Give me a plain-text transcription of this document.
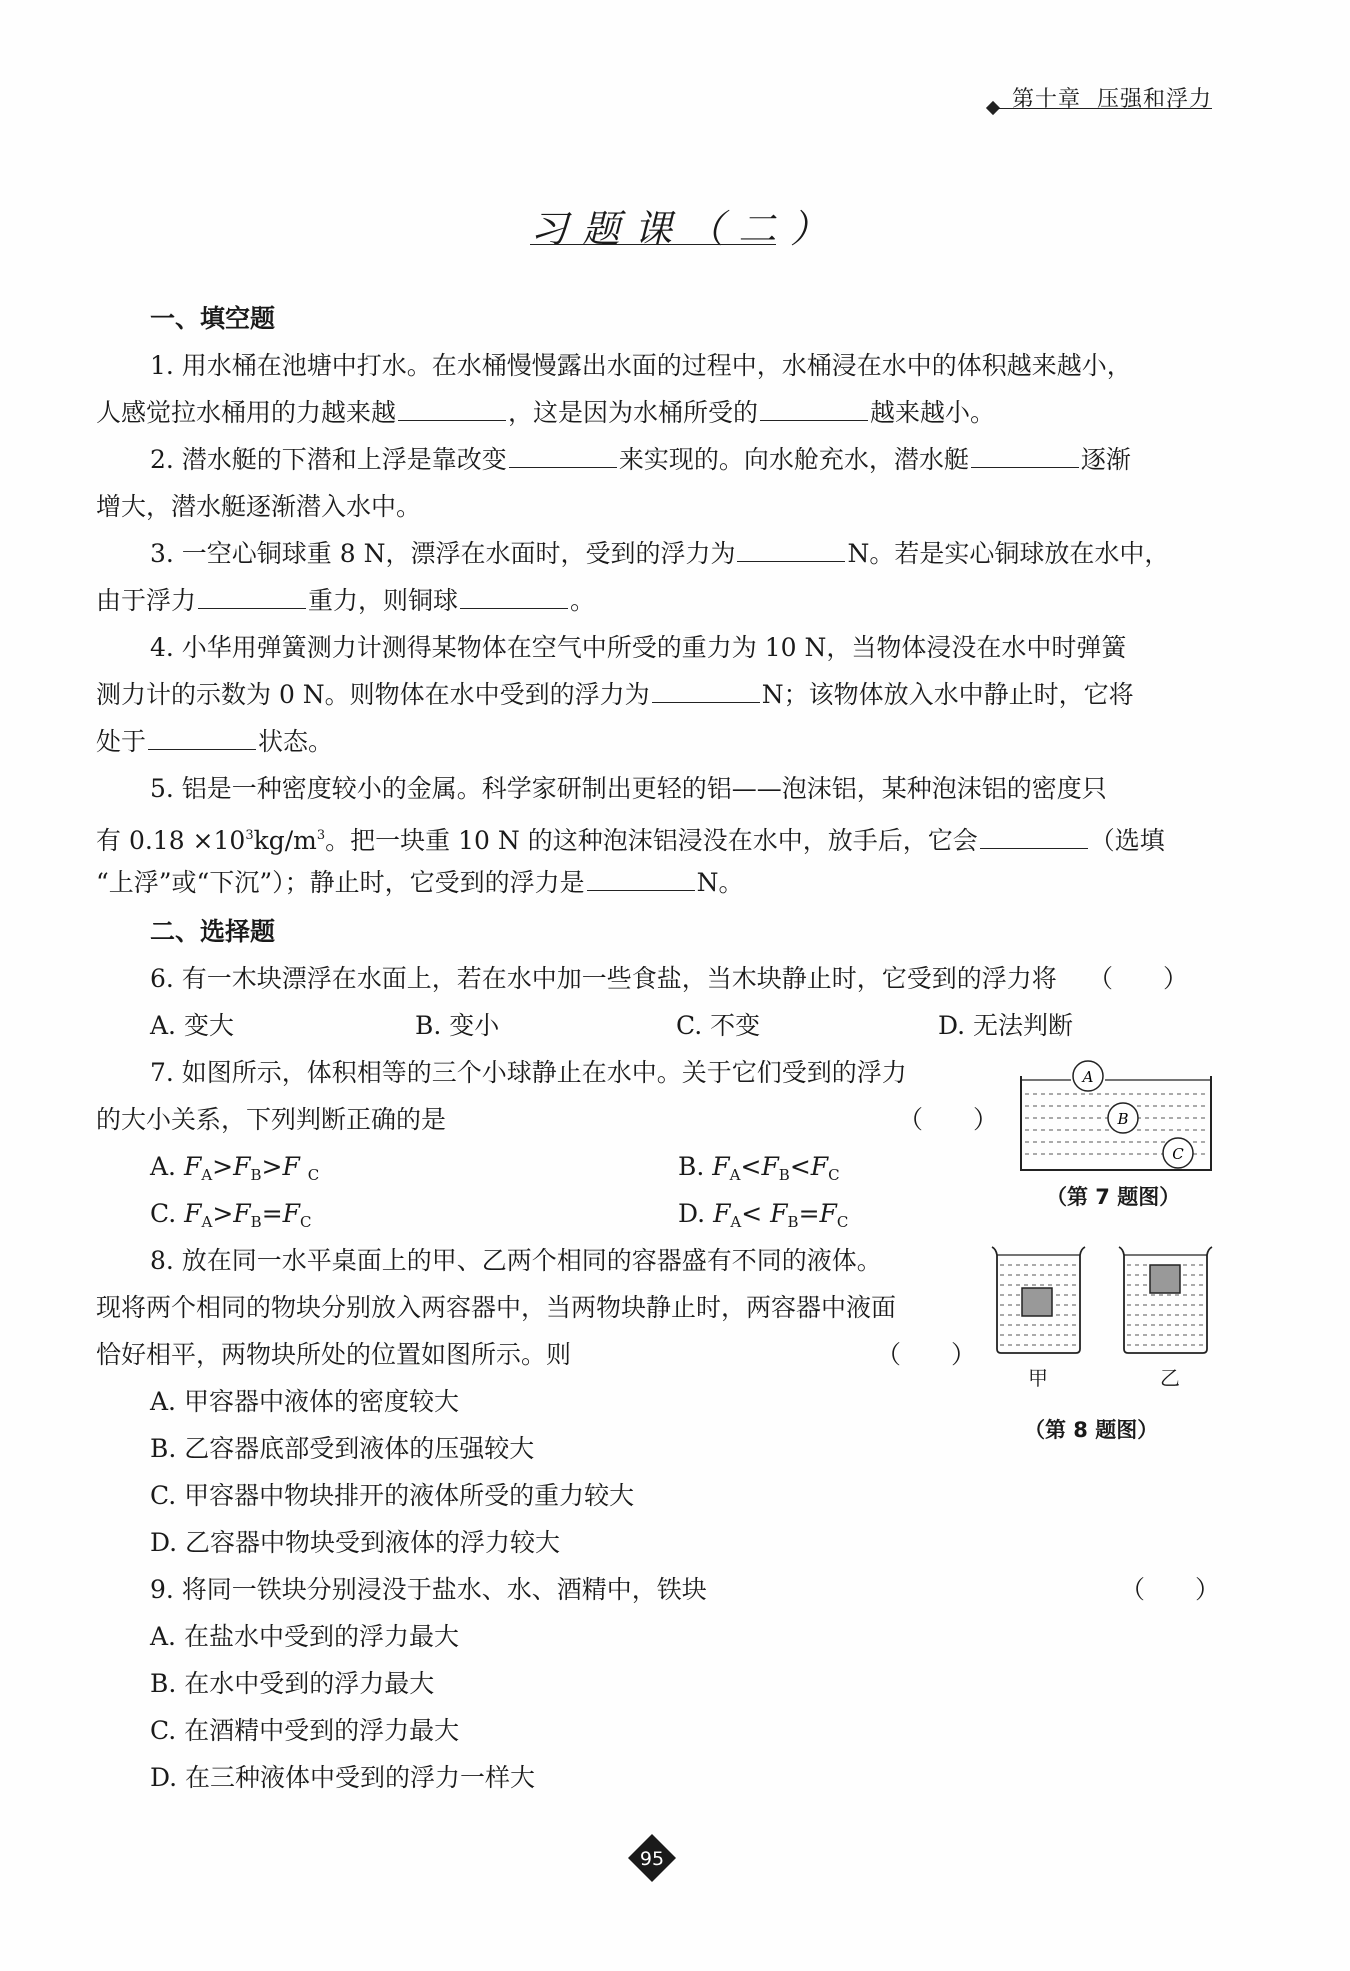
第十章 压强和浮力
习题课（二）
一、填空题
1. 用水桶在池塘中打水。在水桶慢慢露出水面的过程中，水桶浸在水中的体积越来越小，
人感觉拉水桶用的力越来越	，这是因为水桶所受的	越来越小。
2. 潜水艇的下潜和上浮是靠改变	来实现的。向水舱充水，潜水艇	逐渐
增大，潜水艇逐渐潜入水中。
3. 一空心铜球重 8 N，漂浮在水面时，受到的浮力为	N。若是实心铜球放在水中，
由于浮力	重力，则铜球	。
4. 小华用弹簧测力计测得某物体在空气中所受的重力为 10 N，当物体浸没在水中时弹簧
测力计的示数为 0 N。则物体在水中受到的浮力为	N；该物体放入水中静止时，它将
处于	状态。
5. 铝是一种密度较小的金属。科学家研制出更轻的铝——泡沫铝，某种泡沫铝的密度只
有 $0.18 \times 10^3kg/m^3$。把一块重 10 N 的这种泡沫铝浸没在水中，放手后，它会	（选填
“上浮”或“下沉”）；静止时，它受到的浮力是	N。
二、选择题
6. 有一木块漂浮在水面上，若在水中加一些食盐，当木块静止时，它受到的浮力将 （　　）
A. 变大	B. 变小	C. 不变	D. 无法判断
7. 如图所示，体积相等的三个小球静止在水中。关于它们受到的浮力
的大小关系，下列判断正确的是	（　　）
A. $F_A>F_B>F$ $_C$	B. $F_A<F_B<F_C$
C. $F_A>F_B=F_C$	D. $F_A< F_B=F_C$
A
B
C
（第 7 题图）
8. 放在同一水平桌面上的甲、乙两个相同的容器盛有不同的液体。
现将两个相同的物块分别放入两容器中，当两物块静止时，两容器中液面
恰好相平，两物块所处的位置如图所示。则	（　　）
A. 甲容器中液体的密度较大
B. 乙容器底部受到液体的压强较大
C. 甲容器中物块排开的液体所受的重力较大
D. 乙容器中物块受到液体的浮力较大
甲	乙
（第 8 题图）
9. 将同一铁块分别浸没于盐水、水、酒精中，铁块	（　　）
A. 在盐水中受到的浮力最大
B. 在水中受到的浮力最大
C. 在酒精中受到的浮力最大
D. 在三种液体中受到的浮力一样大
95
